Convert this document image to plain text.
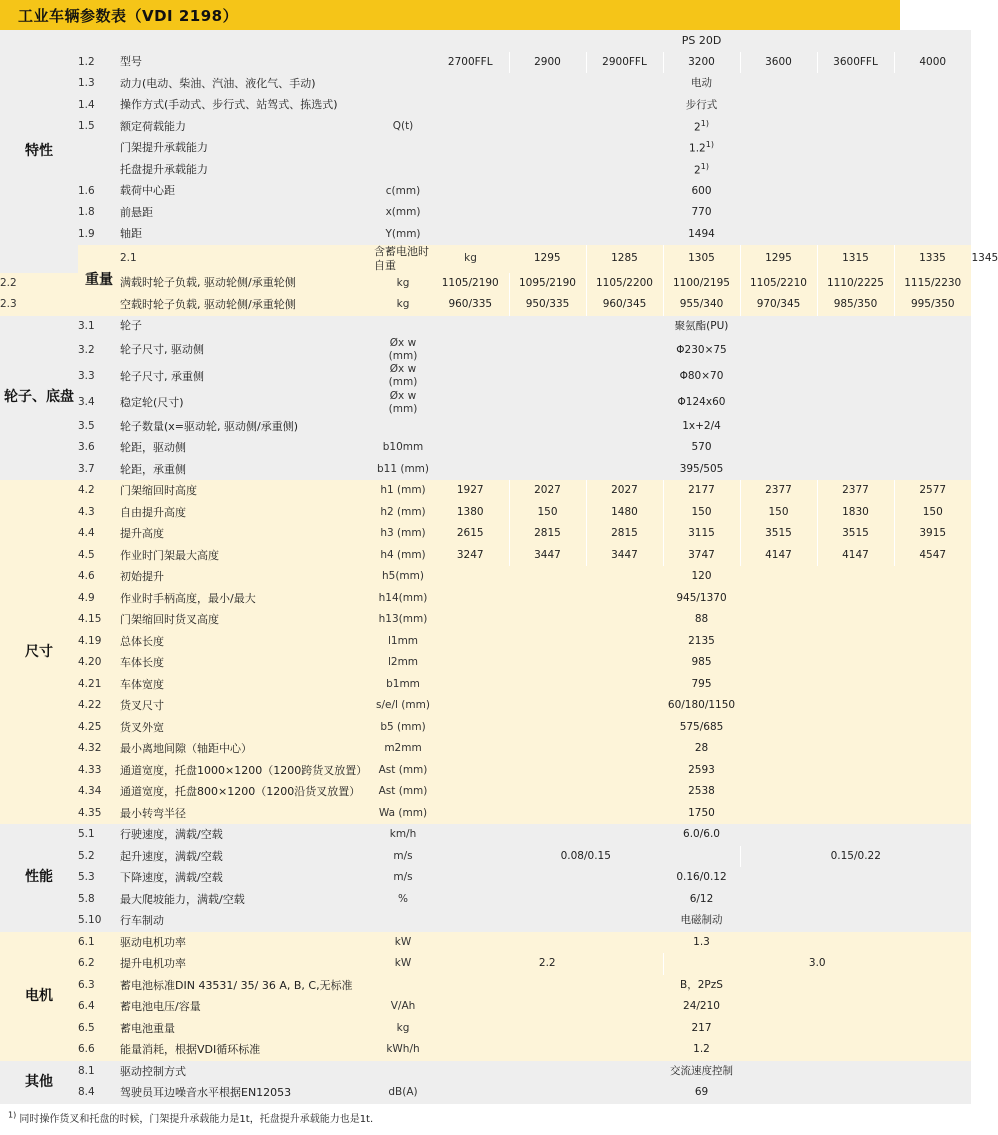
工业车辆参数表（VDI 2198）
特性				PS 20D							
	1.2	型号		2700FFL	2900	2900FFL	3200	3600	3600FFL	4000	
	1.3	动力(电动、柴油、汽油、液化气、手动)		电动							
	1.4	操作方式(手动式、步行式、站驾式、拣选式)		步行式							
	1.5	额定荷载能力	Q(t)	2$^{1)}$
		门架提升承载能力		1.2$^{1)}$
		托盘提升承载能力		2$^{1)}$
	1.6	载荷中心距	c(mm)	600							
	1.8	前悬距	x(mm)	770							
	1.9	轴距	Y(mm)	1494							
	重量	2.1	含蓄电池时自重	kg	1295	1285	1305	1295	1315	1335	1345
2.2		满载时轮子负载, 驱动轮侧/承重轮侧	kg	1105/2190	1095/2190	1105/2200	1100/2195	1105/2210	1110/2225	1115/2230	
2.3		空载时轮子负载, 驱动轮侧/承重轮侧	kg	960/335	950/335	960/345	955/340	970/345	985/350	995/350	
轮子、底盘	3.1	轮子		聚氨酯(PU)							
	3.2	轮子尺寸, 驱动侧	Øx w (mm)	Φ230×75							
	3.3	轮子尺寸, 承重侧	Øx w (mm)	Φ80×70							
	3.4	稳定轮(尺寸)	Øx w (mm)	Φ124x60							
	3.5	轮子数量(x=驱动轮, 驱动侧/承重侧)		1x+2/4							
	3.6	轮距，驱动侧	b10mm	570							
	3.7	轮距，承重侧	b11 (mm)	395/505							
尺寸	4.2	门架缩回时高度	h1 (mm)	1927	2027	2027	2177	2377	2377	2577	
	4.3	自由提升高度	h2 (mm)	1380	150	1480	150	150	1830	150	
	4.4	提升高度	h3 (mm)	2615	2815	2815	3115	3515	3515	3915	
	4.5	作业时门架最大高度	h4 (mm)	3247	3447	3447	3747	4147	4147	4547	
	4.6	初始提升	h5(mm)	120							
	4.9	作业时手柄高度，最小/最大	h14(mm)	945/1370							
	4.15	门架缩回时货叉高度	h13(mm)	88							
	4.19	总体长度	l1mm	2135							
	4.20	车体长度	l2mm	985							
	4.21	车体宽度	b1mm	795							
	4.22	货叉尺寸	s/e/l (mm)	60/180/1150							
	4.25	货叉外宽	b5 (mm)	575/685							
	4.32	最小离地间隙（轴距中心）	m2mm	28							
	4.33	通道宽度，托盘1000×1200（1200跨货叉放置）	Ast (mm)	2593							
	4.34	通道宽度，托盘800×1200（1200沿货叉放置）	Ast (mm)	2538							
	4.35	最小转弯半径	Wa (mm)	1750							
性能	5.1	行驶速度，满载/空载	km/h	6.0/6.0							
	5.2	起升速度，满载/空载	m/s	0.08/0.15				0.15/0.22			
	5.3	下降速度，满载/空载	m/s	0.16/0.12							
	5.8	最大爬坡能力，满载/空载	%	6/12							
	5.10	行车制动		电磁制动							
电机	6.1	驱动电机功率	kW	1.3							
	6.2	提升电机功率	kW	2.2			3.0				
	6.3	蓄电池标准DIN 43531/ 35/ 36 A, B, C,无标准		B，2PzS							
	6.4	蓄电池电压/容量	V/Ah	24/210							
	6.5	蓄电池重量	kg	217							
	6.6	能量消耗，根据VDI循环标准	kWh/h	1.2							
其他	8.1	驱动控制方式		交流速度控制							
	8.4	驾驶员耳边噪音水平根据EN12053	dB(A)	69							
$^{1)}$ 同时操作货叉和托盘的时候，门架提升承载能力是1t，托盘提升承载能力也是1t.
